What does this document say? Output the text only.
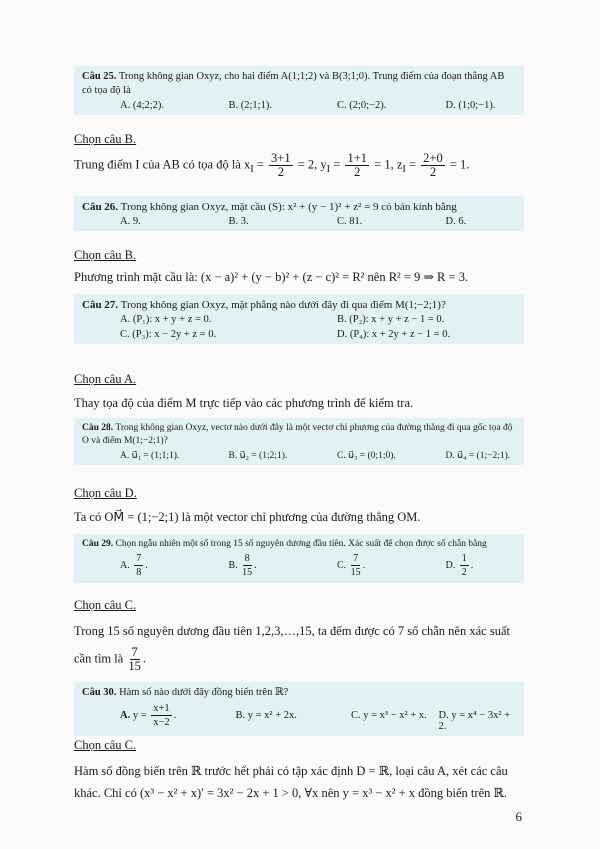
Câu 25. Trong không gian Oxyz, cho hai điểm A(1;1;2) và B(3;1;0). Trung điểm của đoạn thẳng AB có tọa độ là
A. (4;2;2).	B. (2;1;1).	C. (2;0;−2).	D. (1;0;−1).
Chọn câu B.
Trung điểm I của AB có tọa độ là $x_I = \frac{3+1}{2} = 2$, $y_I = \frac{1+1}{2} = 1$, $z_I = \frac{2+0}{2} = 1$.
Câu 26. Trong không gian Oxyz, mặt cầu (S): x² + (y − 1)² + z² = 9 có bán kính bằng
A. 9.	B. 3.	C. 81.	D. 6.
Chọn câu B.
Phương trình mặt cầu là: (x − a)² + (y − b)² + (z − c)² = R² nên R² = 9 ⇒ R = 3.
Câu 27. Trong không gian Oxyz, mặt phẳng nào dưới đây đi qua điểm M(1;−2;1)?
A. (P₁): x + y + z = 0.	B. (P₂): x + y + z − 1 = 0.
C. (P₃): x − 2y + z = 0.	D. (P₄): x + 2y + z − 1 = 0.
Chọn câu A.
Thay tọa độ của điểm M trực tiếp vào các phương trình để kiểm tra.
Câu 28. Trong không gian Oxyz, vectơ nào dưới đây là một vectơ chỉ phương của đường thẳng đi qua gốc tọa độ O và điểm M(1;−2;1)?
A. u⃗₁ = (1;1;1).	B. u⃗₂ = (1;2;1).	C. u⃗₃ = (0;1;0).	D. u⃗₄ = (1;−2;1).
Chọn câu D.
Ta có OM⃗ = (1;−2;1) là một vector chỉ phương của đường thẳng OM.
Câu 29. Chọn ngẫu nhiên một số trong 15 số nguyên dương đầu tiên. Xác suất để chọn được số chẵn bằng
A. $\frac{7}{8}$ .	B. $\frac{8}{15}$ .	C. $\frac{7}{15}$ .	D. $\frac{1}{2}$ .
Chọn câu C.
Trong 15 số nguyên dương đầu tiên 1,2,3,…,15, ta đếm được có 7 số chẵn nên xác suất
cần tìm là $\frac{7}{15}$ .
Câu 30. Hàm số nào dưới đây đồng biến trên ℝ?
A. $y = \frac{x+1}{x-2}$ .	B. y = x² + 2x.	C. y = x³ − x² + x.	D. y = x⁴ − 3x² + 2.
Chọn câu C.
Hàm số đồng biến trên ℝ trước hết phải có tập xác định D = ℝ, loại câu A, xét các câu
khác. Chỉ có (x³ − x² + x)′ = 3x² − 2x + 1 > 0, ∀x nên y = x³ − x² + x đồng biến trên ℝ.
6
